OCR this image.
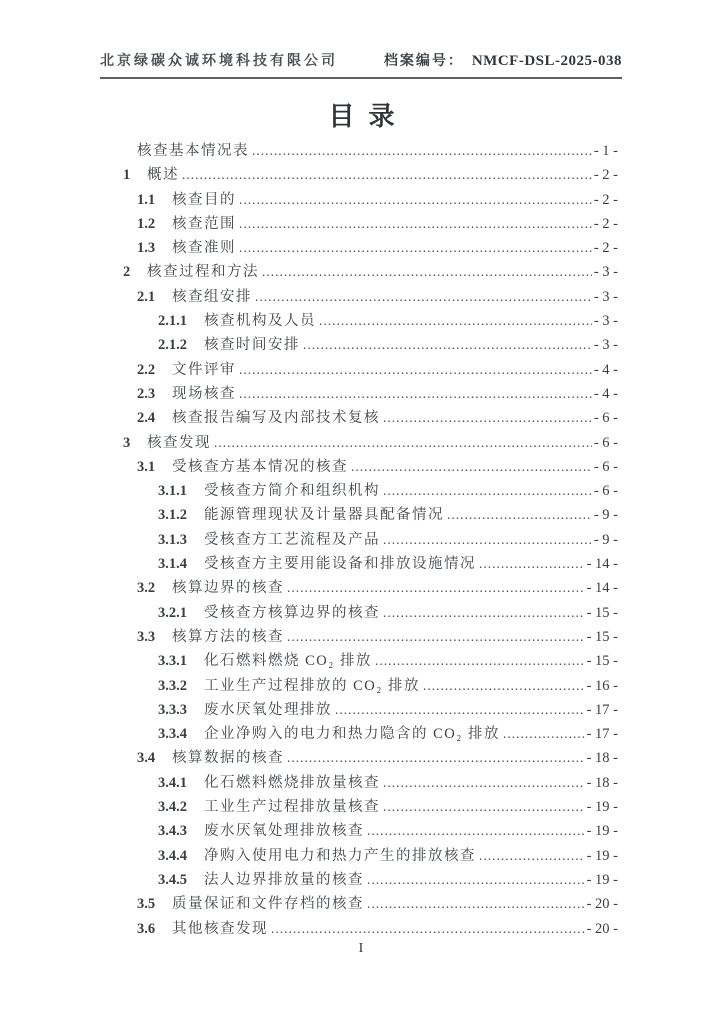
北京绿碳众诚环境科技有限公司	档案编号： NMCF-DSL-2025-038
目录
核查基本情况表 .....	- 1 -
1	概述 .....	- 2 -
1.1	核查目的 .....	- 2 -
1.2	核查范围 .....	- 2 -
1.3	核查准则 .....	- 2 -
2	核查过程和方法 .....	- 3 -
2.1	核查组安排 .....	- 3 -
2.1.1	核查机构及人员 .....	- 3 -
2.1.2	核查时间安排 .....	- 3 -
2.2	文件评审 .....	- 4 -
2.3	现场核查 .....	- 4 -
2.4	核查报告编写及内部技术复核 .....	- 6 -
3	核查发现 .....	- 6 -
3.1	受核查方基本情况的核查 .....	- 6 -
3.1.1	受核查方简介和组织机构 .....	- 6 -
3.1.2	能源管理现状及计量器具配备情况 .....	- 9 -
3.1.3	受核查方工艺流程及产品 .....	- 9 -
3.1.4	受核查方主要用能设备和排放设施情况 .....	- 14 -
3.2	核算边界的核查 .....	- 14 -
3.2.1	受核查方核算边界的核查 .....	- 15 -
3.3	核算方法的核查 .....	- 15 -
3.3.1	化石燃料燃烧 CO₂ 排放 .....	- 15 -
3.3.2	工业生产过程排放的 CO₂ 排放 .....	- 16 -
3.3.3	废水厌氧处理排放 .....	- 17 -
3.3.4	企业净购入的电力和热力隐含的 CO₂ 排放 .....	- 17 -
3.4	核算数据的核查 .....	- 18 -
3.4.1	化石燃料燃烧排放量核查 .....	- 18 -
3.4.2	工业生产过程排放量核查 .....	- 19 -
3.4.3	废水厌氧处理排放核查 .....	- 19 -
3.4.4	净购入使用电力和热力产生的排放核查 .....	- 19 -
3.4.5	法人边界排放量的核查 .....	- 19 -
3.5	质量保证和文件存档的核查 .....	- 20 -
3.6	其他核查发现 .....	- 20 -
I
